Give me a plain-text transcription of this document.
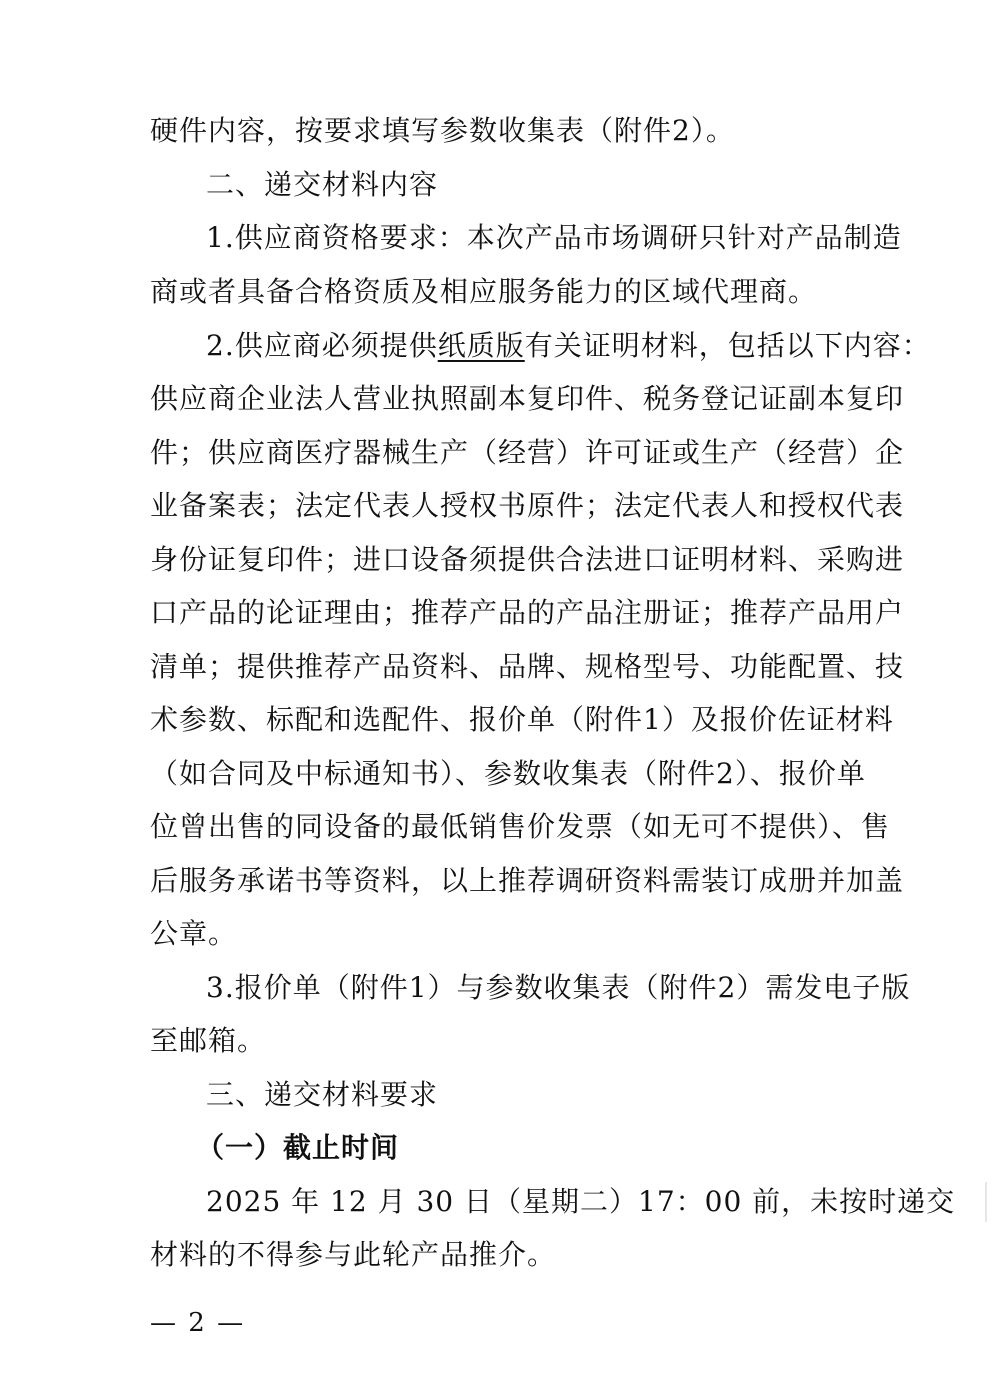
硬件内容，按要求填写参数收集表（附件2）。
二、递交材料内容
1.供应商资格要求：本次产品市场调研只针对产品制造
商或者具备合格资质及相应服务能力的区域代理商。
2.供应商必须提供纸质版有关证明材料，包括以下内容：
供应商企业法人营业执照副本复印件、税务登记证副本复印
件；供应商医疗器械生产（经营）许可证或生产（经营）企
业备案表；法定代表人授权书原件；法定代表人和授权代表
身份证复印件；进口设备须提供合法进口证明材料、采购进
口产品的论证理由；推荐产品的产品注册证；推荐产品用户
清单；提供推荐产品资料、品牌、规格型号、功能配置、技
术参数、标配和选配件、报价单（附件1）及报价佐证材料
（如合同及中标通知书）、参数收集表（附件2）、报价单
位曾出售的同设备的最低销售价发票（如无可不提供）、售
后服务承诺书等资料，以上推荐调研资料需装订成册并加盖
公章。
3.报价单（附件1）与参数收集表（附件2）需发电子版
至邮箱。
三、递交材料要求
（一）截止时间
2025 年 12 月 30 日（星期二）17：00 前，未按时递交
材料的不得参与此轮产品推介。
— 2 —
